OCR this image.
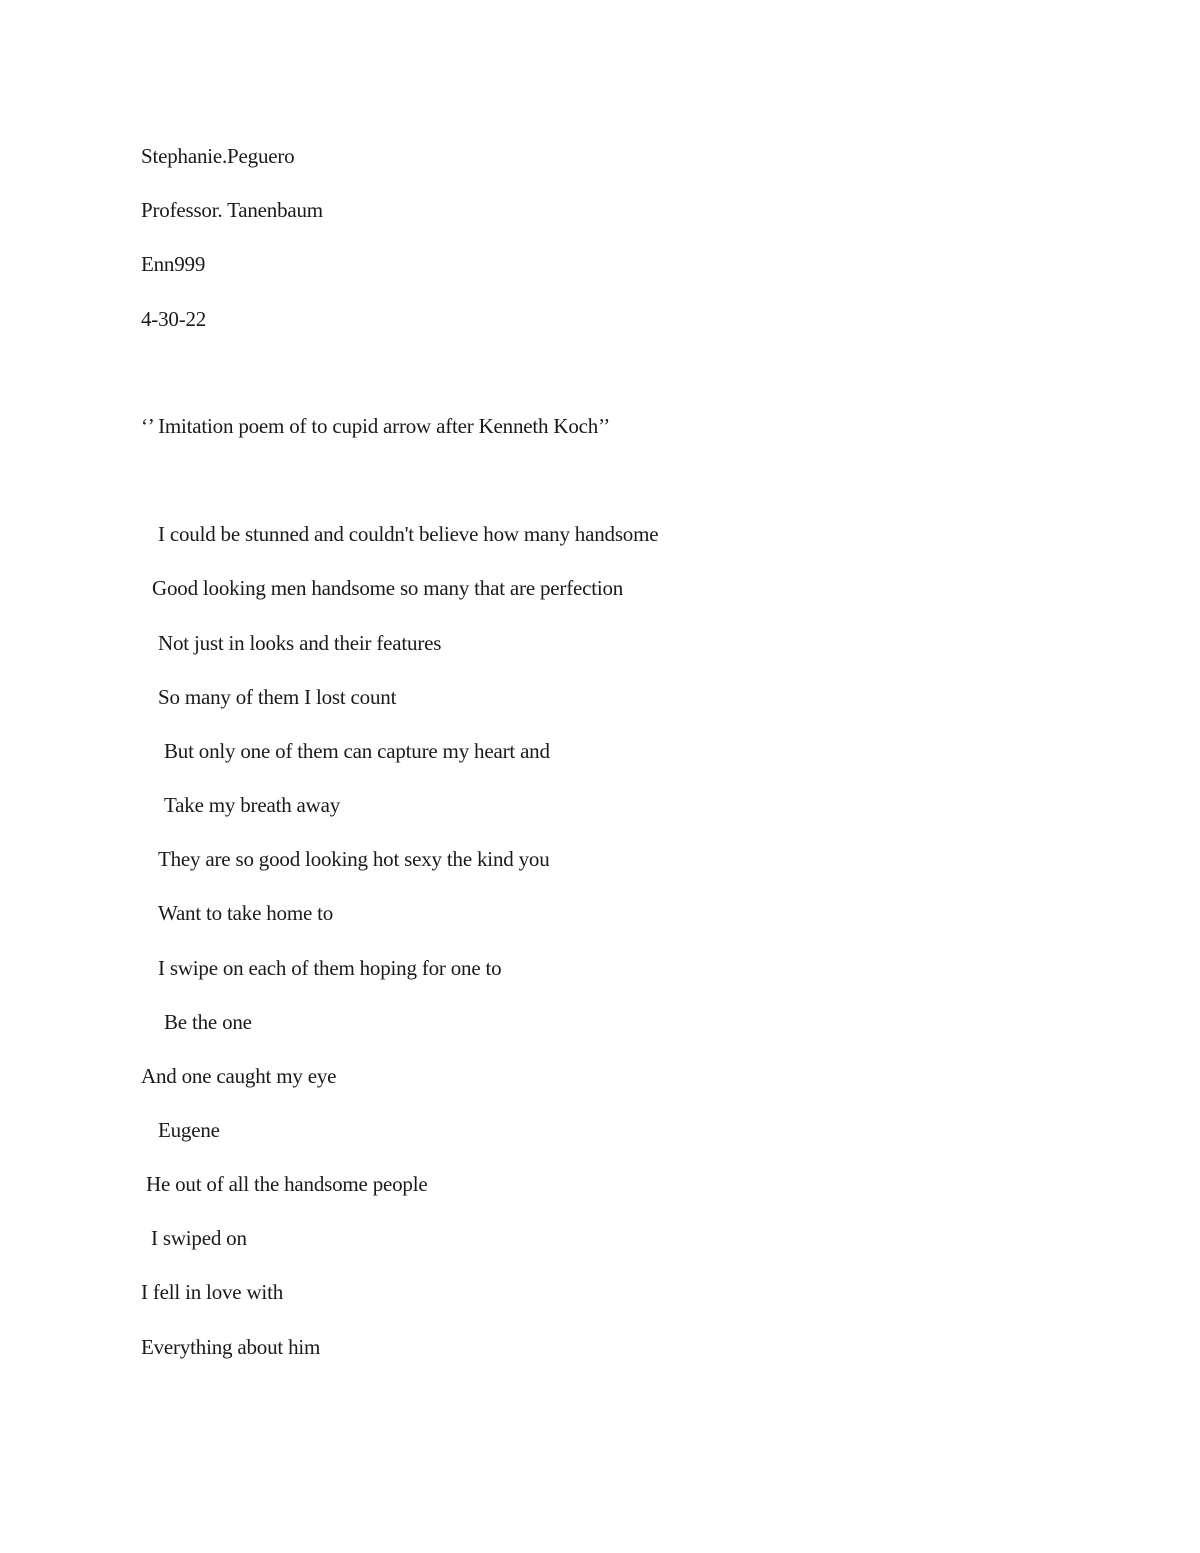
Stephanie.Peguero
Professor. Tanenbaum
Enn999
4-30-22
‘’ Imitation poem of to cupid arrow after Kenneth Koch’’
I could be stunned and couldn't believe how many handsome
Good looking men handsome so many that are perfection
Not just in looks and their features
So many of them I lost count
But only one of them can capture my heart and
Take my breath away
They are so good looking hot sexy the kind you
Want to take home to
I swipe on each of them hoping for one to
Be the one
And one caught my eye
Eugene
He out of all the handsome people
I swiped on
I fell in love with
Everything about him
